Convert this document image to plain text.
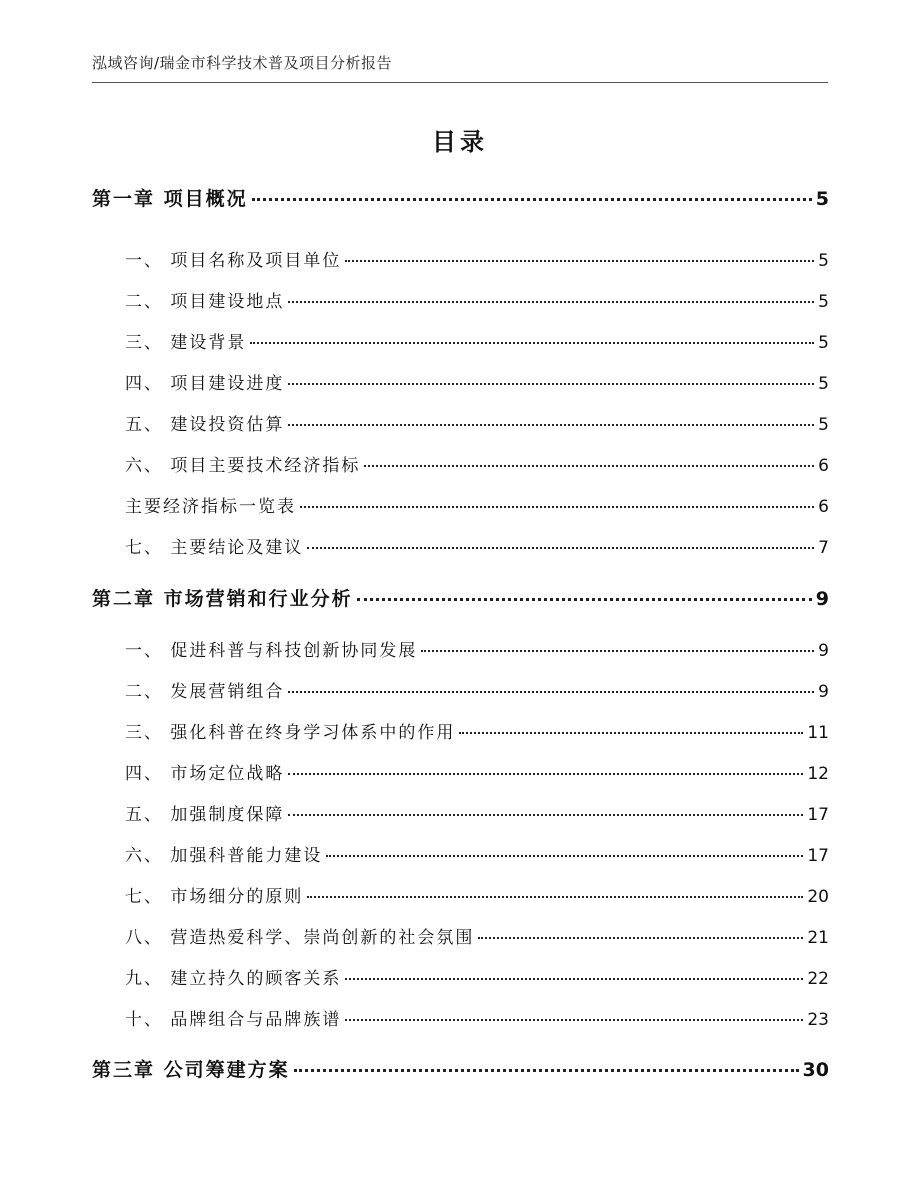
泓域咨询/瑞金市科学技术普及项目分析报告
目录
第一章 项目概况	5
一、 项目名称及项目单位	5
二、 项目建设地点	5
三、 建设背景	5
四、 项目建设进度	5
五、 建设投资估算	5
六、 项目主要技术经济指标	6
主要经济指标一览表	6
七、 主要结论及建议	7
第二章 市场营销和行业分析	9
一、 促进科普与科技创新协同发展	9
二、 发展营销组合	9
三、 强化科普在终身学习体系中的作用	11
四、 市场定位战略	12
五、 加强制度保障	17
六、 加强科普能力建设	17
七、 市场细分的原则	20
八、 营造热爱科学、崇尚创新的社会氛围	21
九、 建立持久的顾客关系	22
十、 品牌组合与品牌族谱	23
第三章 公司筹建方案	30
